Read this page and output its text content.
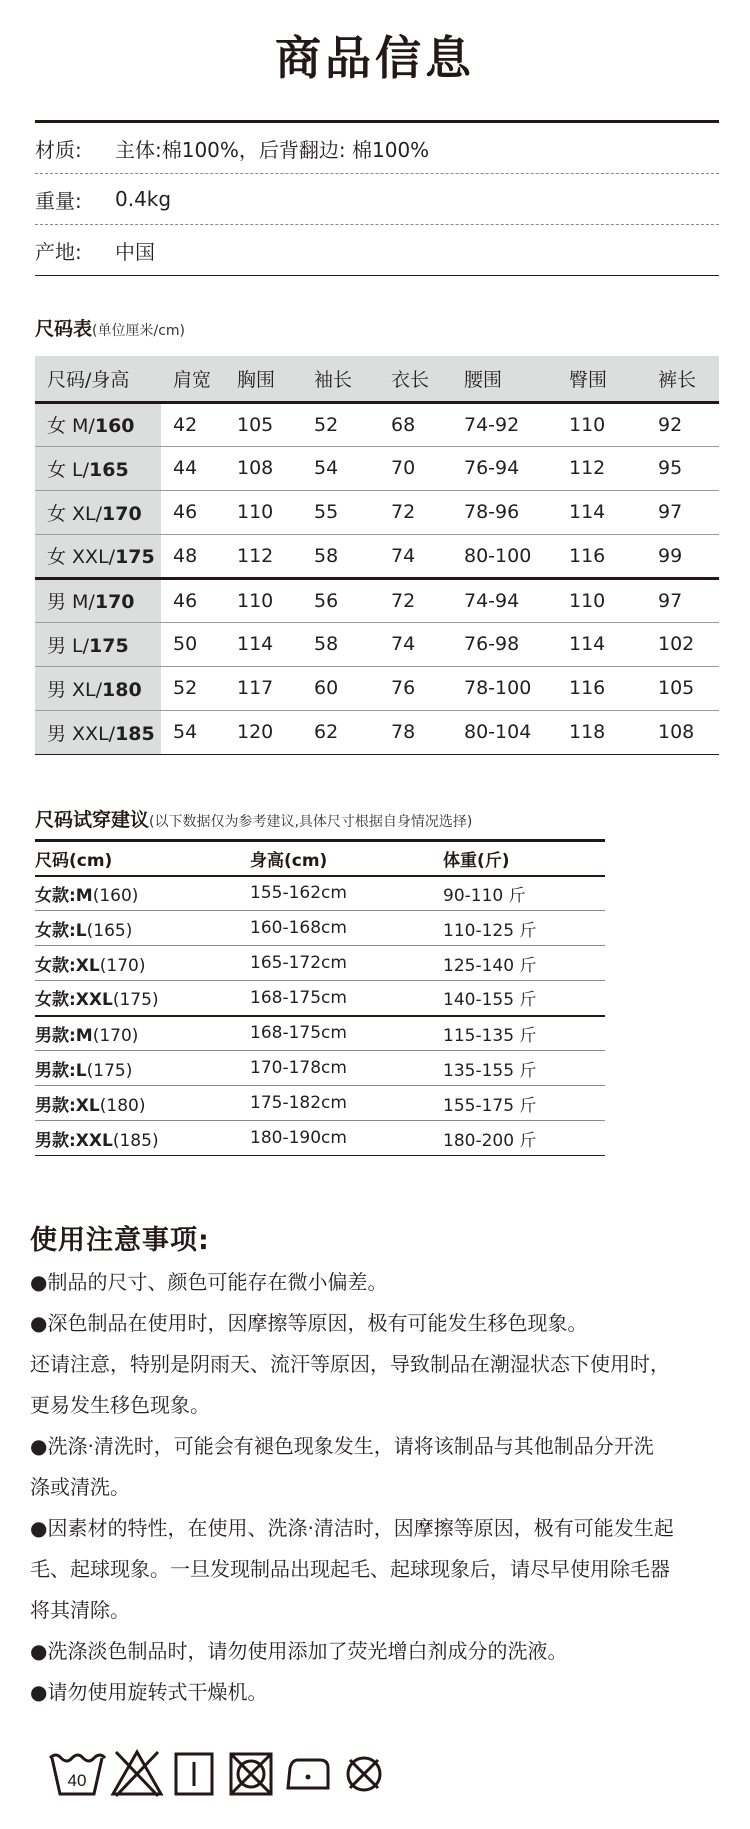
商品信息
材质:	主体:棉100%，后背翻边: 棉100%
重量:	0.4kg
产地:	中国
尺码表(单位厘米/cm)
尺码/身高	肩宽	胸围	袖长	衣长	腰围	臀围	裤长
女 M/160	42	105	52	68	74-92	110	92
女 L/165	44	108	54	70	76-94	112	95
女 XL/170	46	110	55	72	78-96	114	97
女 XXL/175	48	112	58	74	80-100	116	99
男 M/170	46	110	56	72	74-94	110	97
男 L/175	50	114	58	74	76-98	114	102
男 XL/180	52	117	60	76	78-100	116	105
男 XXL/185	54	120	62	78	80-104	118	108
尺码试穿建议(以下数据仅为参考建议,具体尺寸根据自身情况选择)
尺码(cm)	身高(cm)	体重(斤)
女款:M(160)	155-162cm	90-110 斤
女款:L(165)	160-168cm	110-125 斤
女款:XL(170)	165-172cm	125-140 斤
女款:XXL(175)	168-175cm	140-155 斤
男款:M(170)	168-175cm	115-135 斤
男款:L(175)	170-178cm	135-155 斤
男款:XL(180)	175-182cm	155-175 斤
男款:XXL(185)	180-190cm	180-200 斤
使用注意事项:

●制品的尺寸、颜色可能存在微小偏差。

●深色制品在使用时，因摩擦等原因，极有可能发生移色现象。

还请注意，特别是阴雨天、流汗等原因，导致制品在潮湿状态下使用时，

更易发生移色现象。

●洗涤·清洗时，可能会有褪色现象发生，请将该制品与其他制品分开洗

涤或清洗。

●因素材的特性，在使用、洗涤·清洁时，因摩擦等原因，极有可能发生起

毛、起球现象。一旦发现制品出现起毛、起球现象后，请尽早使用除毛器

将其清除。

●洗涤淡色制品时，请勿使用添加了荧光增白剂成分的洗液。

●请勿使用旋转式干燥机。

40
